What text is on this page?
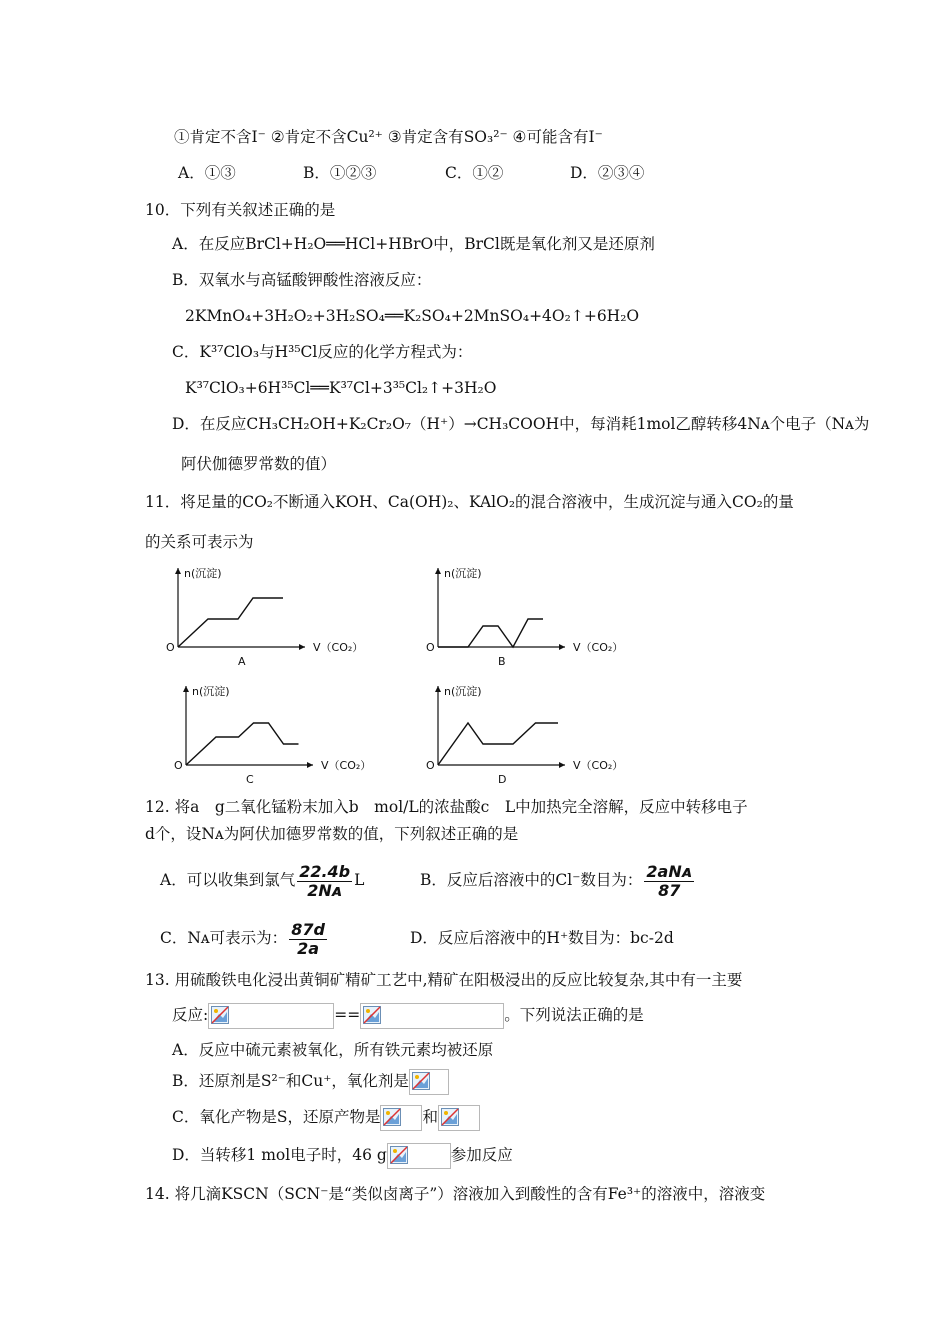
①肯定不含I⁻ ②肯定不含Cu²⁺ ③肯定含有SO₃²⁻ ④可能含有I⁻
A．①③	B．①②③	C．①②	D．②③④
10．下列有关叙述正确的是
A．在反应BrCl+H₂O══HCl+HBrO中，BrCl既是氧化剂又是还原剂
B．双氧水与高锰酸钾酸性溶液反应：
2KMnO₄+3H₂O₂+3H₂SO₄══K₂SO₄+2MnSO₄+4O₂↑+6H₂O
C．K³⁷ClO₃与H³⁵Cl反应的化学方程式为：
K³⁷ClO₃+6H³⁵Cl══K³⁷Cl+3³⁵Cl₂↑+3H₂O
D．在反应CH₃CH₂OH+K₂Cr₂O₇（H⁺）→CH₃COOH中，每消耗1mol乙醇转移4Nᴀ个电子（Nᴀ为
阿伏伽德罗常数的值）
11．将足量的CO₂不断通入KOH、Ca(OH)₂、KAlO₂的混合溶液中，生成沉淀与通入CO₂的量
的关系可表示为
n(沉淀)
V（CO₂）
O
A
n(沉淀)
V（CO₂）
O
B
n(沉淀)
V（CO₂）
O
C
n(沉淀)
V（CO₂）
O
D
12. 将a　g二氧化锰粉末加入b　mol/L的浓盐酸c　L中加热完全溶解，反应中转移电子
d个，设Nᴀ为阿伏加德罗常数的值，下列叙述正确的是
A．可以收集到氯气 $\frac{22.4b}{\text{2Nᴀ}}$ L	B．反应后溶液中的Cl⁻数目为： $\frac{\text{2aNᴀ}}{87}$
C．Nᴀ可表示为： $\frac{87d}{2a}$	D．反应后溶液中的H⁺数目为：bc-2d
13. 用硫酸铁电化浸出黄铜矿精矿工艺中,精矿在阳极浸出的反应比较复杂,其中有一主要
反应:	==	。下列说法正确的是
A．反应中硫元素被氧化，所有铁元素均被还原
B．还原剂是S²⁻和Cu⁺，氧化剂是
C．氧化产物是S，还原产物是	和
D．当转移1 mol电子时，46 g	参加反应
14. 将几滴KSCN（SCN⁻是“类似卤离子”）溶液加入到酸性的含有Fe³⁺的溶液中，溶液变
